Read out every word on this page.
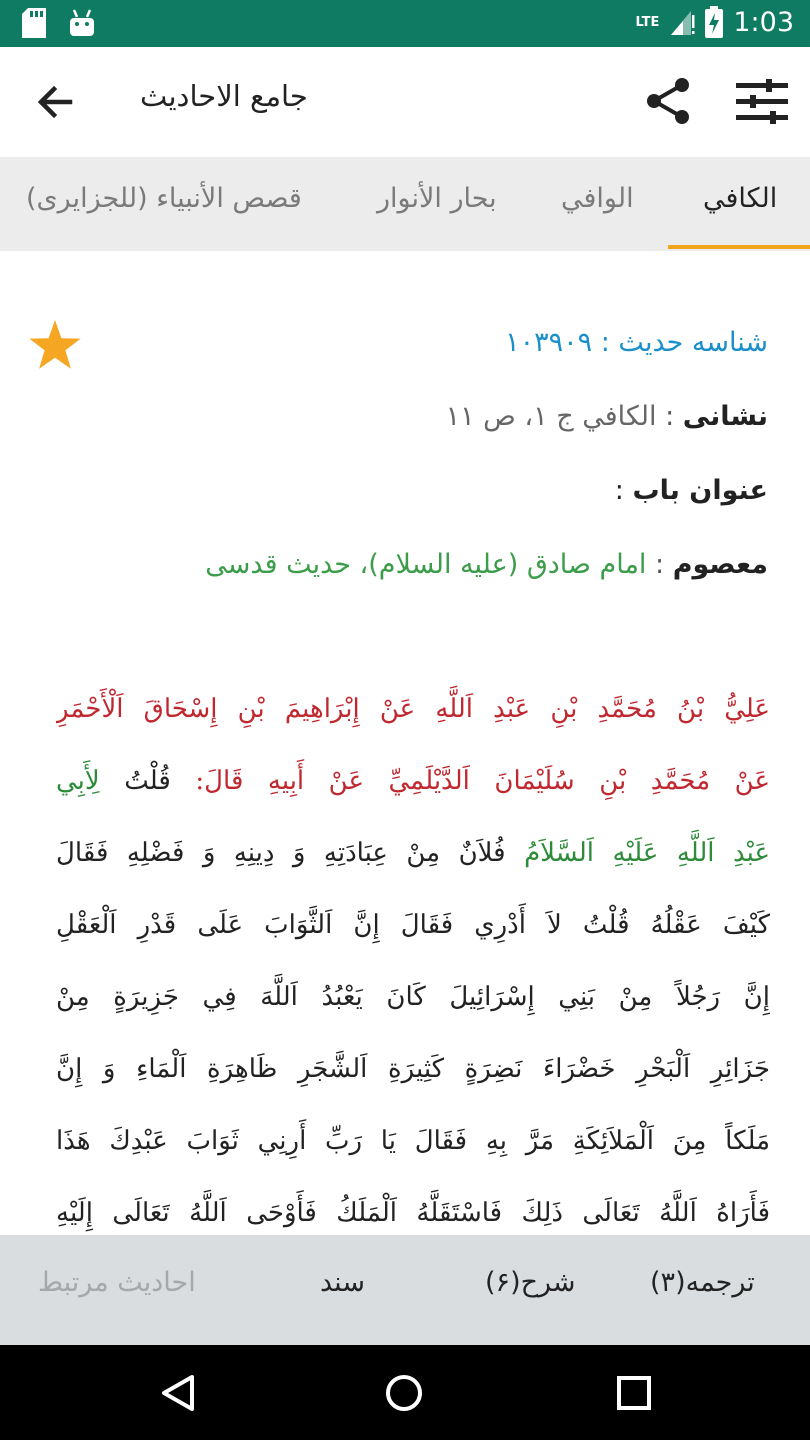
LTE	1:03
جامع الاحاديث
الكافي
الوافي
بحار الأنوار
قصص الأنبياء (للجزايرى)
شناسه حديث : ۱۰۳۹۰۹
نشانى : الكافي ج ۱، ص ۱۱
عنوان باب :
معصوم : امام صادق (عليه السلام)، حديث قدسى
عَلِيُّ بْنُ مُحَمَّدِ بْنِ عَبْدِ اَللَّهِ عَنْ إِبْرَاهِيمَ بْنِ إِسْحَاقَ اَلْأَحْمَرِ
عَنْ مُحَمَّدِ بْنِ سُلَيْمَانَ اَلدَّيْلَمِيِّ عَنْ أَبِيهِ قَالَ: قُلْتُ لِأَبِي
عَبْدِ اَللَّهِ عَلَيْهِ اَلسَّلاَمُ فُلاَنٌ مِنْ عِبَادَتِهِ وَ دِينِهِ وَ فَضْلِهِ فَقَالَ
كَيْفَ عَقْلُهُ قُلْتُ لاَ أَدْرِي فَقَالَ إِنَّ اَلثَّوَابَ عَلَى قَدْرِ اَلْعَقْلِ
إِنَّ رَجُلاً مِنْ بَنِي إِسْرَائِيلَ كَانَ يَعْبُدُ اَللَّهَ فِي جَزِيرَةٍ مِنْ
جَزَائِرِ اَلْبَحْرِ خَضْرَاءَ نَضِرَةٍ كَثِيرَةِ اَلشَّجَرِ ظَاهِرَةِ اَلْمَاءِ وَ إِنَّ
مَلَكاً مِنَ اَلْمَلاَئِكَةِ مَرَّ بِهِ فَقَالَ يَا رَبِّ أَرِنِي ثَوَابَ عَبْدِكَ هَذَا
فَأَرَاهُ اَللَّهُ تَعَالَى ذَلِكَ فَاسْتَقَلَّهُ اَلْمَلَكُ فَأَوْحَى اَللَّهُ تَعَالَى إِلَيْهِ
ترجمه(۳)
شرح(۶)
سند
احاديث مرتبط
